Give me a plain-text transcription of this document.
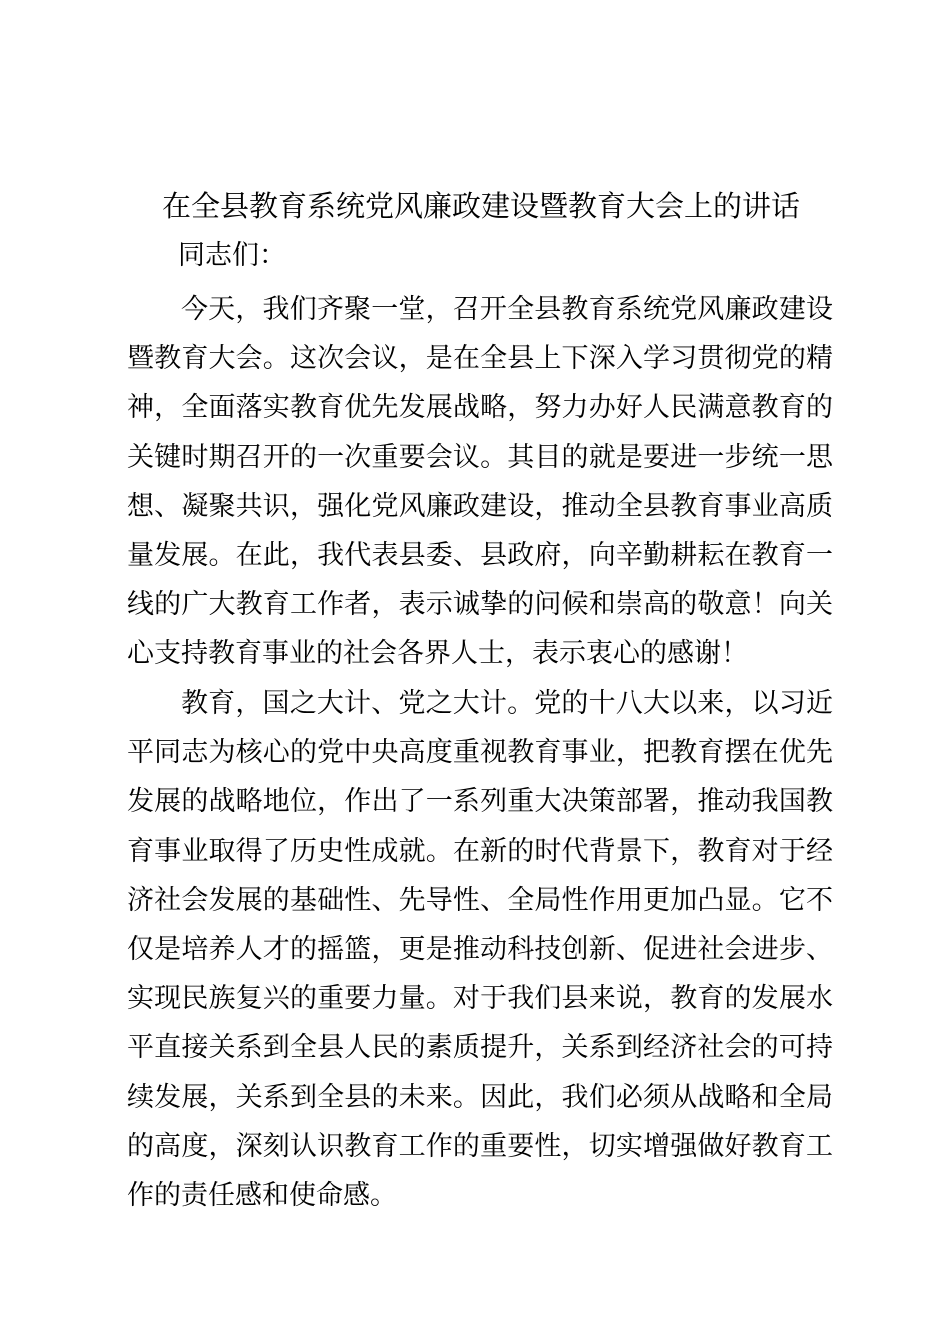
在全县教育系统党风廉政建设暨教育大会上的讲话
同志们：

今天，我们齐聚一堂，召开全县教育系统党风廉政建设暨教育大会。这次会议，是在全县上下深入学习贯彻党的精神，全面落实教育优先发展战略，努力办好人民满意教育的关键时期召开的一次重要会议。其目的就是要进一步统一思想、凝聚共识，强化党风廉政建设，推动全县教育事业高质量发展。在此，我代表县委、县政府，向辛勤耕耘在教育一线的广大教育工作者，表示诚挚的问候和崇高的敬意！向关心支持教育事业的社会各界人士，表示衷心的感谢！

教育，国之大计、党之大计。党的十八大以来，以习近平同志为核心的党中央高度重视教育事业，把教育摆在优先发展的战略地位，作出了一系列重大决策部署，推动我国教育事业取得了历史性成就。在新的时代背景下，教育对于经济社会发展的基础性、先导性、全局性作用更加凸显。它不仅是培养人才的摇篮，更是推动科技创新、促进社会进步、实现民族复兴的重要力量。对于我们县来说，教育的发展水平直接关系到全县人民的素质提升，关系到经济社会的可持续发展，关系到全县的未来。因此，我们必须从战略和全局的高度，深刻认识教育工作的重要性，切实增强做好教育工作的责任感和使命感。
